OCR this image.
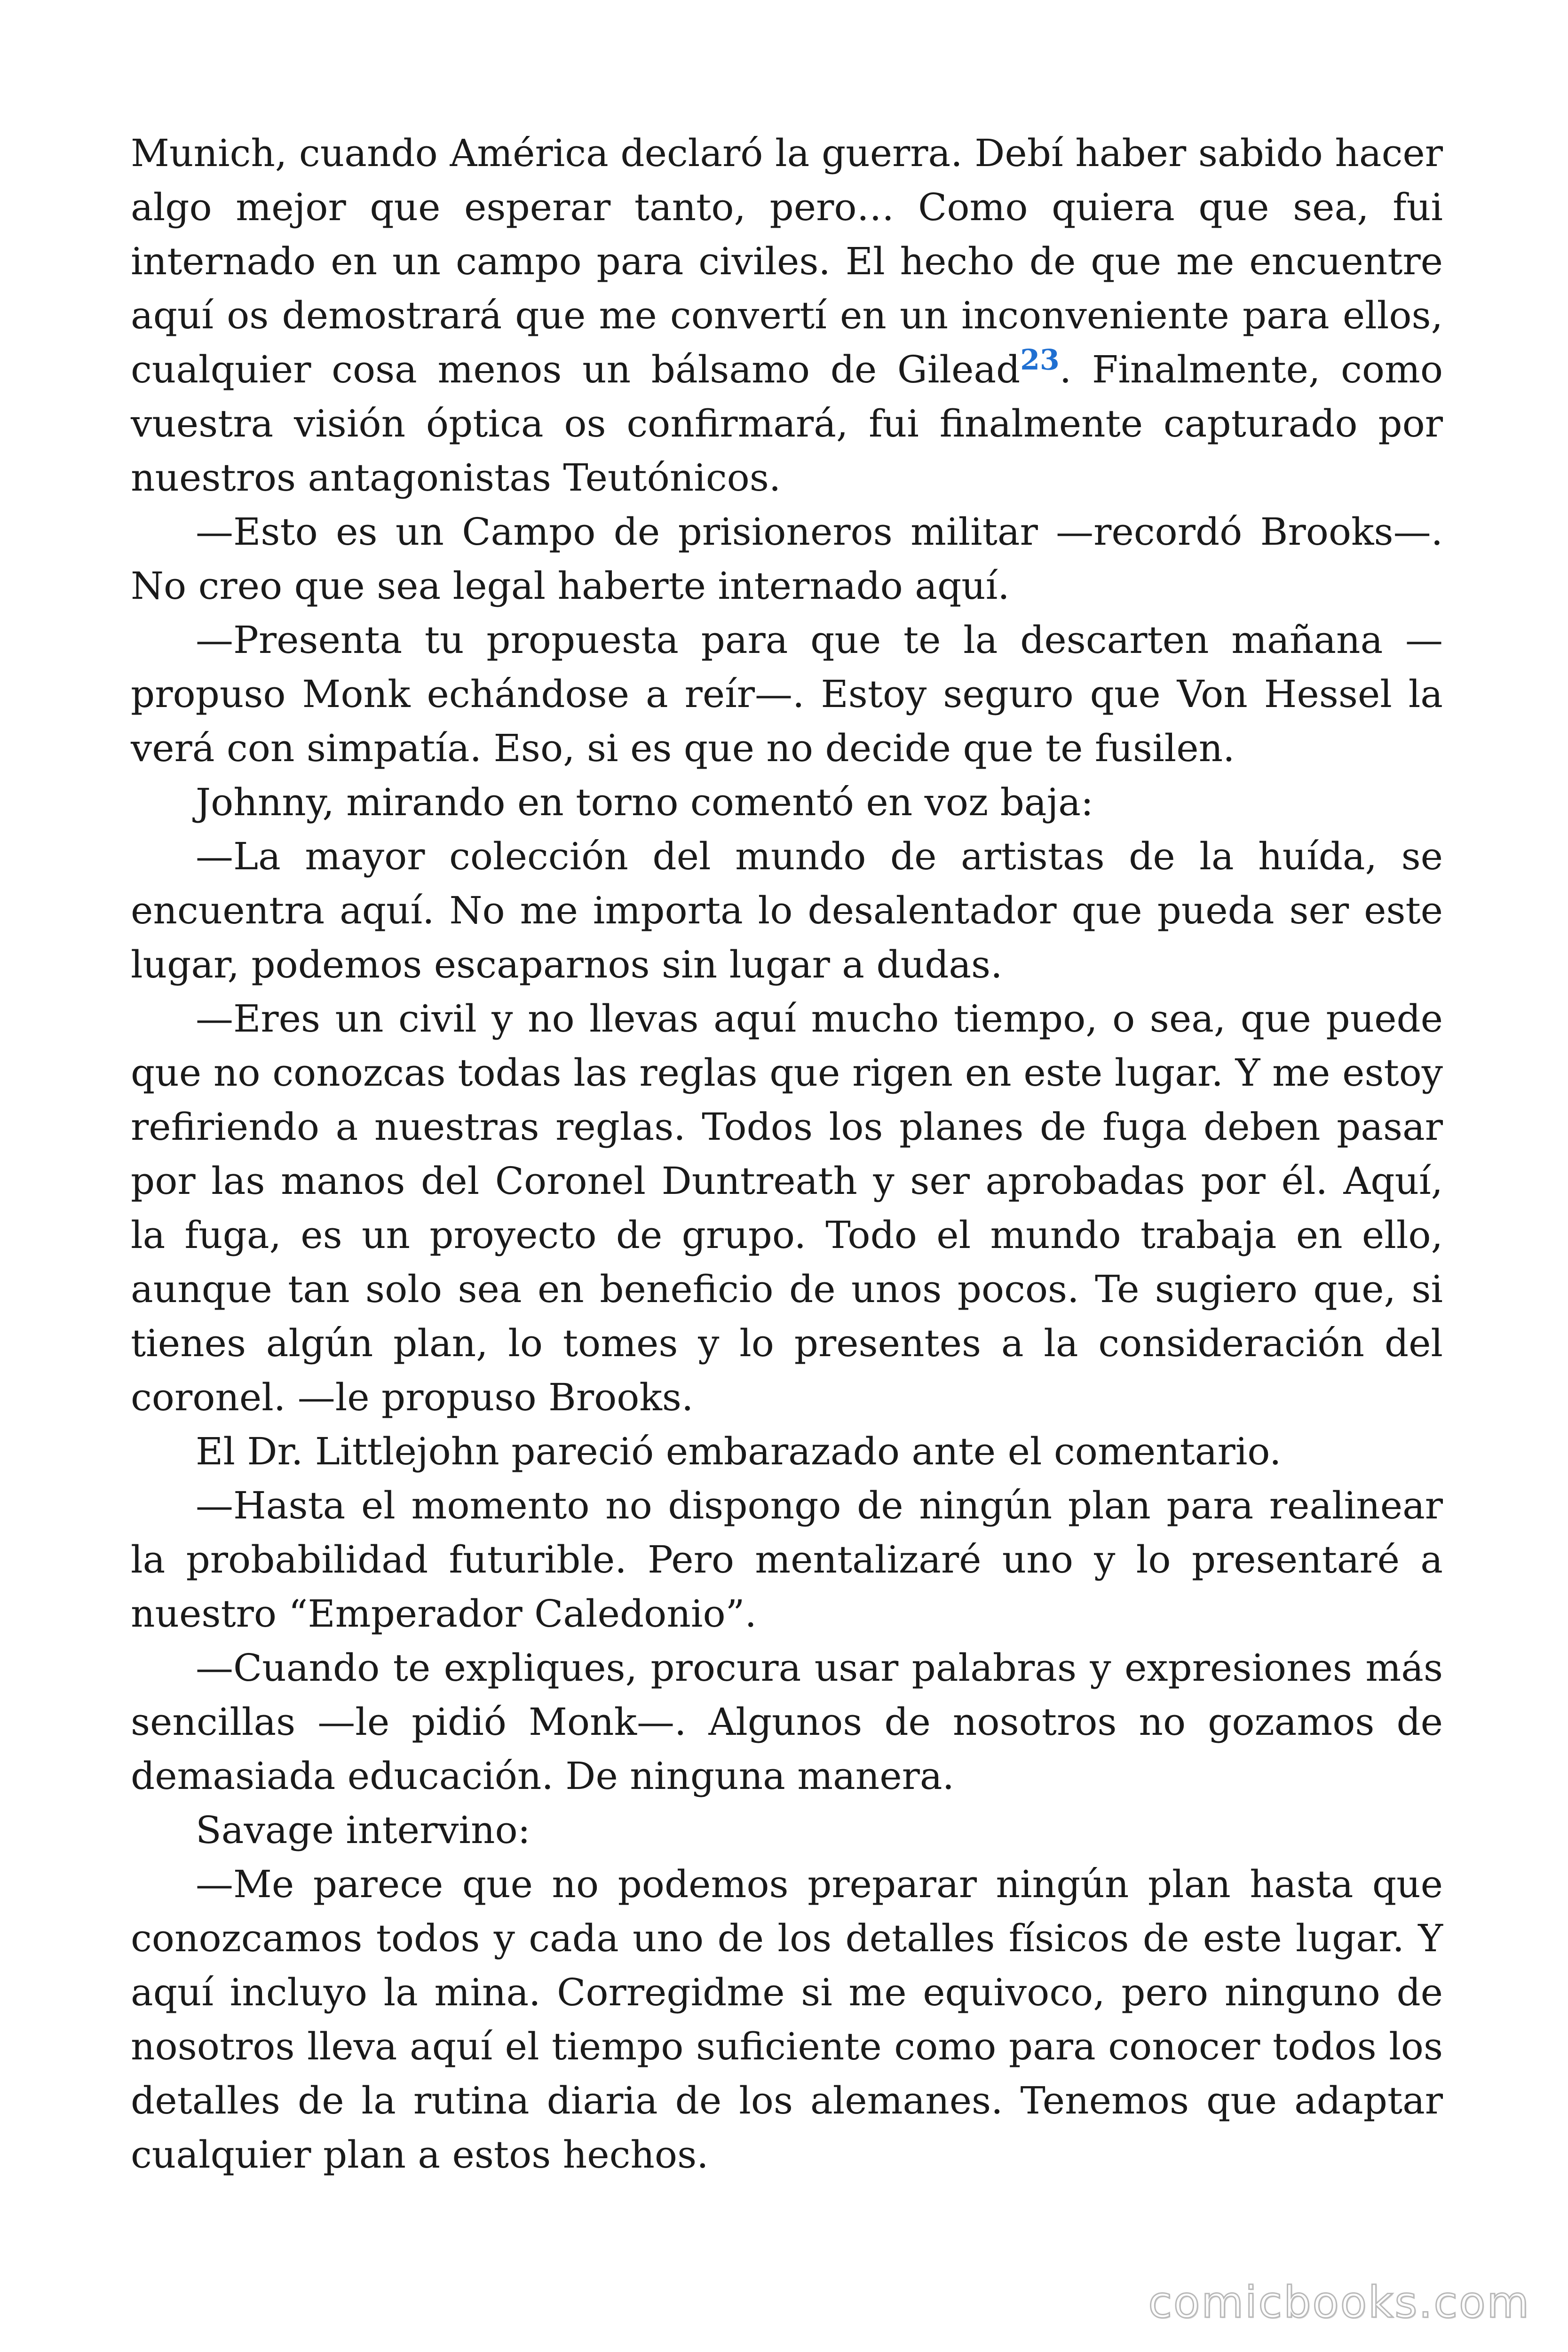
Munich, cuando América declaró la guerra. Debí haber sabido hacer algo mejor que esperar tanto, pero… Como quiera que sea, fui internado en un campo para civiles. El hecho de que me encuentre aquí os demostrará que me convertí en un inconveniente para ellos, cualquier cosa menos un bálsamo de Gilead$^{23}$. Finalmente, como vuestra visión óptica os confirmará, fui finalmente capturado por nuestros antagonistas Teutónicos.

—Esto es un Campo de prisioneros militar —recordó Brooks—. No creo que sea legal haberte internado aquí.

—Presenta tu propuesta para que te la descarten mañana —propuso Monk echándose a reír—. Estoy seguro que Von Hessel la verá con simpatía. Eso, si es que no decide que te fusilen.

Johnny, mirando en torno comentó en voz baja:

—La mayor colección del mundo de artistas de la huída, se encuentra aquí. No me importa lo desalentador que pueda ser este lugar, podemos escaparnos sin lugar a dudas.

—Eres un civil y no llevas aquí mucho tiempo, o sea, que puede que no conozcas todas las reglas que rigen en este lugar. Y me estoy refiriendo a nuestras reglas. Todos los planes de fuga deben pasar por las manos del Coronel Duntreath y ser aprobadas por él. Aquí, la fuga, es un proyecto de grupo. Todo el mundo trabaja en ello, aunque tan solo sea en beneficio de unos pocos. Te sugiero que, si tienes algún plan, lo tomes y lo presentes a la consideración del coronel. —le propuso Brooks.

El Dr. Littlejohn pareció embarazado ante el comentario.

—Hasta el momento no dispongo de ningún plan para realinear la probabilidad futurible. Pero mentalizaré uno y lo presentaré a nuestro “Emperador Caledonio”.

—Cuando te expliques, procura usar palabras y expresiones más sencillas —le pidió Monk—. Algunos de nosotros no gozamos de demasiada educación. De ninguna manera.

Savage intervino:

—Me parece que no podemos preparar ningún plan hasta que conozcamos todos y cada uno de los detalles físicos de este lugar. Y aquí incluyo la mina. Corregidme si me equivoco, pero ninguno de nosotros lleva aquí el tiempo suficiente como para conocer todos los detalles de la rutina diaria de los alemanes. Tenemos que adaptar cualquier plan a estos hechos.

comicbooks.com
